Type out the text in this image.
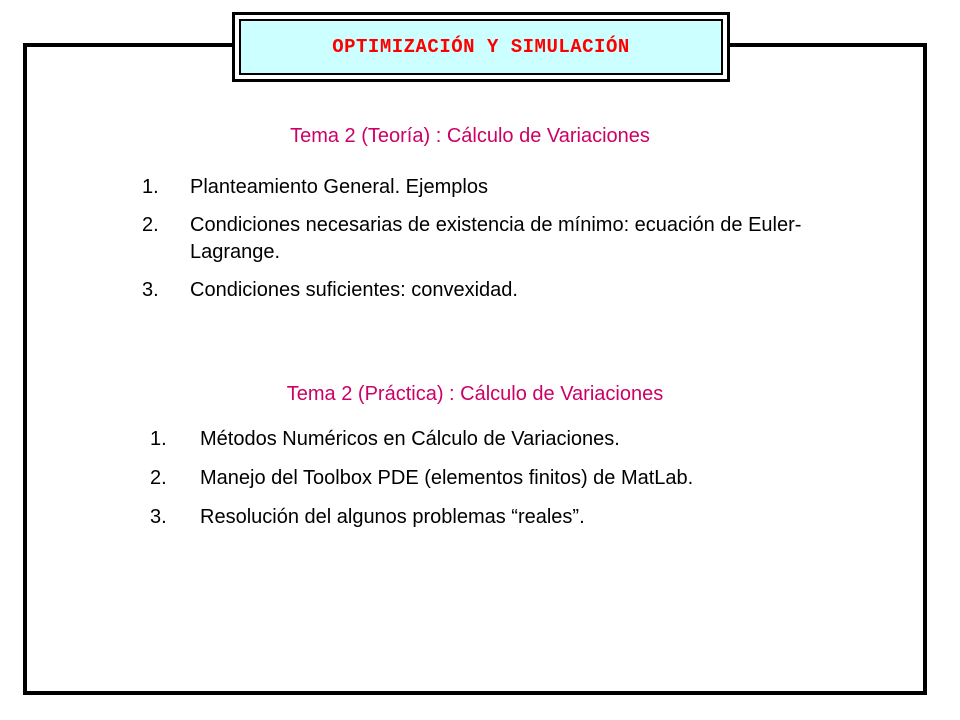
OPTIMIZACIÓN Y SIMULACIÓN
Tema 2 (Teoría) : Cálculo de Variaciones
1. Planteamiento General. Ejemplos
2. Condiciones necesarias de existencia de mínimo: ecuación de Euler-Lagrange.
3. Condiciones suficientes: convexidad.
Tema 2 (Práctica) : Cálculo de Variaciones
1. Métodos Numéricos en Cálculo de Variaciones.
2. Manejo del Toolbox PDE (elementos finitos) de MatLab.
3. Resolución del algunos problemas “reales”.
